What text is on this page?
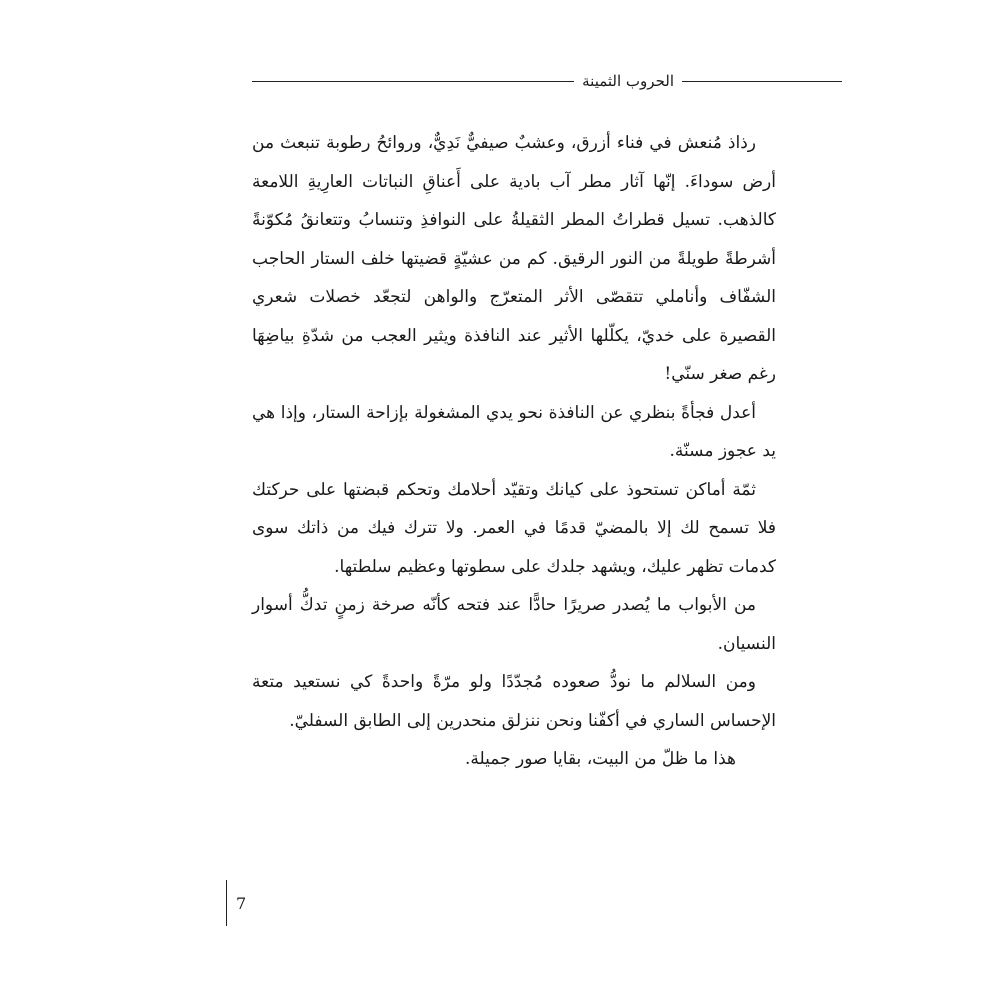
الحروب الثمينة

رذاذ مُنعش في فناء أزرق، وعشبٌ صيفيٌّ نَدِيٌّ، وروائحُ رطوبة تنبعث من أرض سوداءَ. إنّها آثار مطر آب بادية على أَعناقِ النباتات العارِيةِ اللامعة كالذهب. تسيل قطراتُ المطر الثقيلةُ على النوافذِ وتنسابُ وتتعانقُ مُكوّنةً أشرطةً طويلةً من النور الرقيق. كم من عشيّةٍ قضيتها خلف الستار الحاجب الشفّاف وأناملي تتقصّى الأثر المتعرّج والواهن لتجعّد خصلات شعري القصيرة على خديّ، يكلّلها الأثير عند النافذة ويثير العجب من شدّةِ بياضِهَا رغم صغر سنّي!

أعدل فجأةً بنظري عن النافذة نحو يدي المشغولة بإزاحة الستار، وإذا هي يد عجوز مسنّة.

ثمّة أماكن تستحوذ على كيانك وتقيّد أحلامك وتحكم قبضتها على حركتك فلا تسمح لك إلا بالمضيّ قدمًا في العمر. ولا تترك فيك من ذاتك سوى كدمات تظهر عليك، ويشهد جلدك على سطوتها وعظيم سلطتها.

من الأبواب ما يُصدر صريرًا حادًّا عند فتحه كأنّه صرخة زمنٍ تدكُّ أسوار النسيان.

ومن السلالم ما نودُّ صعوده مُجدّدًا ولو مرّةً واحدةً كي نستعيد متعة الإحساس الساري في أكفّنا ونحن ننزلق منحدرين إلى الطابق السفليّ.

هذا ما ظلّ من البيت، بقايا صور جميلة.

7
